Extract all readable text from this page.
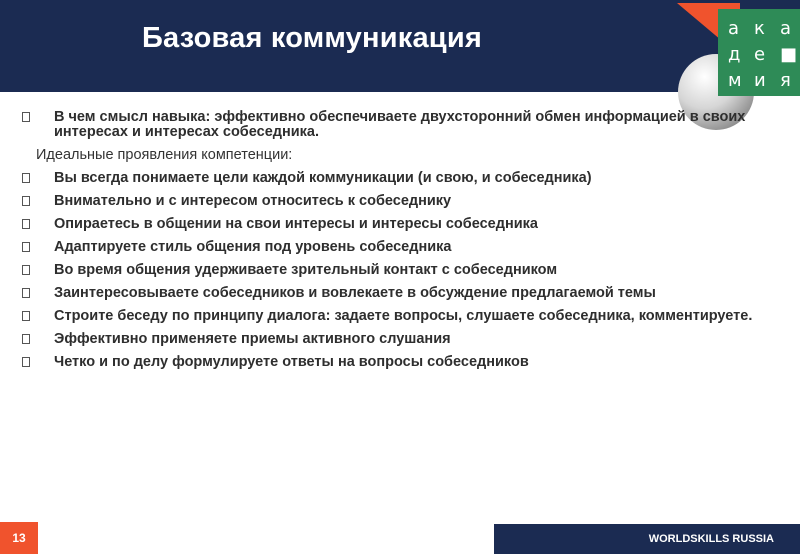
Базовая коммуникация	а к а
д е ■
м и я
В чем смысл навыка: эффективно обеспечиваете двухсторонний обмен информацией в своих интересах и интересах собеседника.
Идеальные проявления компетенции:
Вы всегда понимаете цели каждой коммуникации (и свою, и собеседника)
Внимательно и с интересом относитесь к собеседнику
Опираетесь в общении на свои интересы и интересы собеседника
Адаптируете стиль общения под уровень собеседника
Во время общения удерживаете зрительный контакт с собеседником
Заинтересовываете собеседников и вовлекаете в обсуждение предлагаемой темы
Строите беседу по принципу диалога: задаете вопросы, слушаете собеседника, комментируете.
Эффективно применяете приемы активного слушания
Четко и по делу формулируете ответы на вопросы собеседников
13	WORLDSKILLS RUSSIA
